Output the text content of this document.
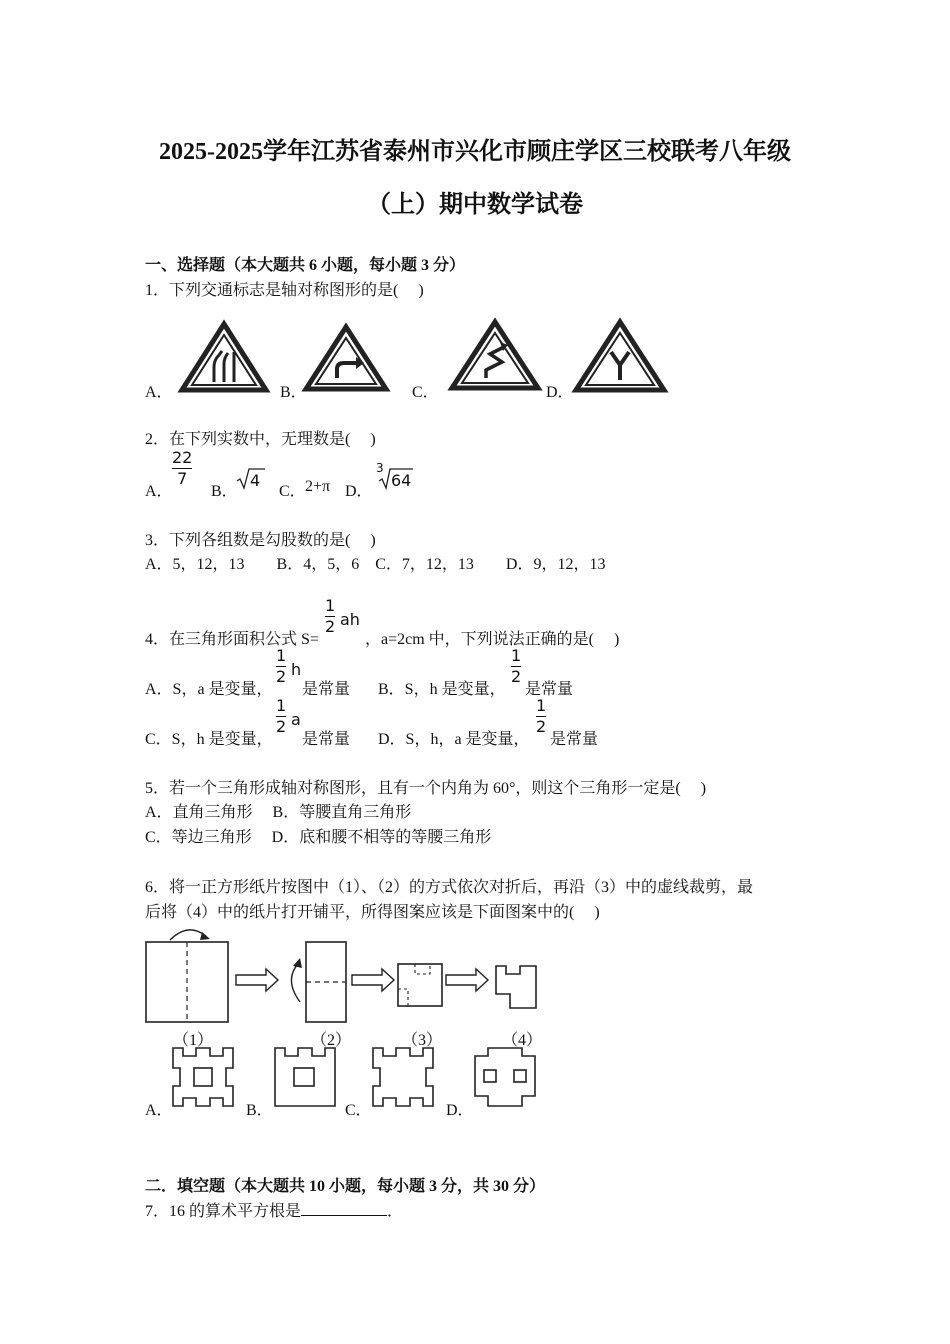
2025-2025学年江苏省泰州市兴化市顾庄学区三校联考八年级
（上）期中数学试卷
一、选择题（本大题共 6 小题，每小题 3 分）
1．下列交通标志是轴对称图形的是(　 )
A．	B．	C．	D．
2．在下列实数中，无理数是(　 )
A．
22
7
B．
4
C． 2+π D．
3
64
3．下列各组数是勾股数的是(　 )
A．5，12，13　　B．4，5，6　C．7，12，13　　D．9，12，13
4．在三角形面积公式 S=
1
2 ah
，a=2cm 中，下列说法正确的是(　 )
A．S，a 是变量，
1
2 h
是常量 B．S，h 是变量，
1
2
是常量
C．S，h 是变量，
1
2 a
是常量 D．S，h，a 是变量，
1
2
是常量
5．若一个三角形成轴对称图形，且有一个内角为 60°，则这个三角形一定是(　 )
A．直角三角形　 B．等腰直角三角形
C．等边三角形　 D．底和腰不相等的等腰三角形
6．将一正方形纸片按图中（1）、（2）的方式依次对折后，再沿（3）中的虚线裁剪，最
后将（4）中的纸片打开铺平，所得图案应该是下面图案中的(　 )
（1）	（2）	（3）	（4）
A．	B．	C．	D．
二．填空题（本大题共 10 小题，每小题 3 分，共 30 分）
7．16 的算术平方根是	．
